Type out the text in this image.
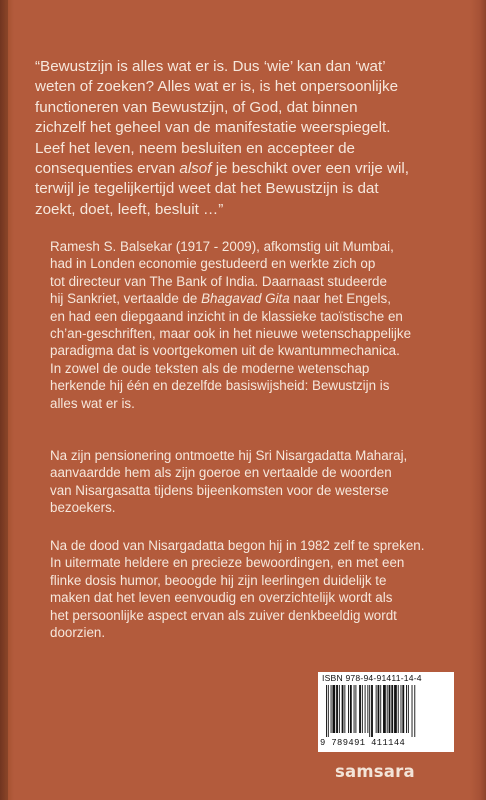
“Bewustzijn is alles wat er is. Dus ‘wie’ kan dan ‘wat’
weten of zoeken? Alles wat er is, is het onpersoonlijke
functioneren van Bewustzijn, of God, dat binnen
zichzelf het geheel van de manifestatie weerspiegelt.
Leef het leven, neem besluiten en accepteer de
consequenties ervan alsof je beschikt over een vrije wil,
terwijl je tegelijkertijd weet dat het Bewustzijn is dat
zoekt, doet, leeft, besluit …”
Ramesh S. Balsekar (1917 - 2009), afkomstig uit Mumbai,
had in Londen economie gestudeerd en werkte zich op
tot directeur van The Bank of India. Daarnaast studeerde
hij Sankriet, vertaalde de Bhagavad Gita naar het Engels,
en had een diepgaand inzicht in de klassieke taoïstische en
ch’an-geschriften, maar ook in het nieuwe wetenschappelijke
paradigma dat is voortgekomen uit de kwantummechanica.
In zowel de oude teksten als de moderne wetenschap
herkende hij één en dezelfde basiswijsheid: Bewustzijn is
alles wat er is.

Na zijn pensionering ontmoette hij Sri Nisargadatta Maharaj,
aanvaardde hem als zijn goeroe en vertaalde de woorden
van Nisargasatta tijdens bijeenkomsten voor de westerse
bezoekers.

Na de dood van Nisargadatta begon hij in 1982 zelf te spreken.
In uitermate heldere en precieze bewoordingen, en met een
flinke dosis humor, beoogde hij zijn leerlingen duidelijk te
maken dat het leven eenvoudig en overzichtelijk wordt als
het persoonlijke aspect ervan als zuiver denkbeeldig wordt
doorzien.

ISBN 978-94-91411-14-4
9 789491 411144
samsara
